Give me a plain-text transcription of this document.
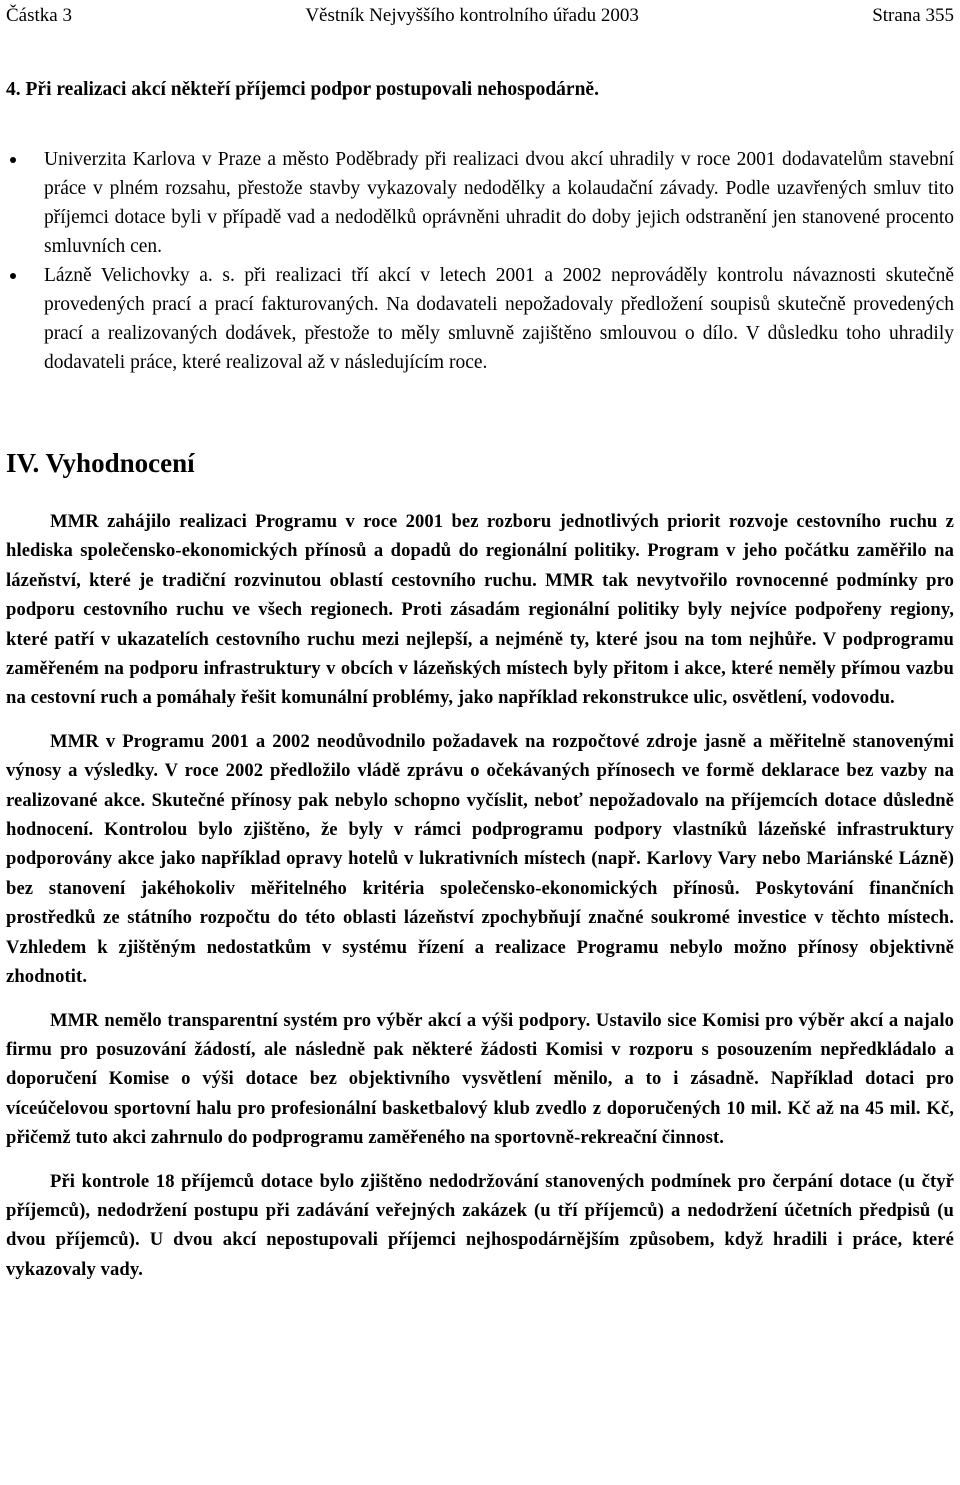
Částka 3	Věstník Nejvyššího kontrolního úřadu 2003	Strana 355
4. Při realizaci akcí někteří příjemci podpor postupovali nehospodárně.
Univerzita Karlova v Praze a město Poděbrady při realizaci dvou akcí uhradily v roce 2001 dodavatelům stavební práce v plném rozsahu, přestože stavby vykazovaly nedodělky a kolaudační závady. Podle uzavřených smluv tito příjemci dotace byli v případě vad a nedodělků oprávněni uhradit do doby jejich odstranění jen stanovené procento smluvních cen.
Lázně Velichovky a. s. při realizaci tří akcí v letech 2001 a 2002 neprováděly kontrolu návaznosti skutečně provedených prací a prací fakturovaných. Na dodavateli nepožadovaly předložení soupisů skutečně provedených prací a realizovaných dodávek, přestože to měly smluvně zajištěno smlouvou o dílo. V důsledku toho uhradily dodavateli práce, které realizoval až v následujícím roce.
IV. Vyhodnocení

MMR zahájilo realizaci Programu v roce 2001 bez rozboru jednotlivých priorit rozvoje cestovního ruchu z hlediska společensko-ekonomických přínosů a dopadů do regionální politiky. Program v jeho počátku zaměřilo na lázeňství, které je tradiční rozvinutou oblastí cestovního ruchu. MMR tak nevytvořilo rovnocenné podmínky pro podporu cestovního ruchu ve všech regionech. Proti zásadám regionální politiky byly nejvíce podpořeny regiony, které patří v ukazatelích cestovního ruchu mezi nejlepší, a nejméně ty, které jsou na tom nejhůře. V podprogramu zaměřeném na podporu infrastruktury v obcích v lázeňských místech byly přitom i akce, které neměly přímou vazbu na cestovní ruch a pomáhaly řešit komunální problémy, jako například rekonstrukce ulic, osvětlení, vodovodu.

MMR v Programu 2001 a 2002 neodůvodnilo požadavek na rozpočtové zdroje jasně a měřitelně stanovenými výnosy a výsledky. V roce 2002 předložilo vládě zprávu o očekávaných přínosech ve formě deklarace bez vazby na realizované akce. Skutečné přínosy pak nebylo schopno vyčíslit, neboť nepožadovalo na příjemcích dotace důsledně hodnocení. Kontrolou bylo zjištěno, že byly v rámci podprogramu podpory vlastníků lázeňské infrastruktury podporovány akce jako například opravy hotelů v lukrativních místech (např. Karlovy Vary nebo Mariánské Lázně) bez stanovení jakéhokoliv měřitelného kritéria společensko-ekonomických přínosů. Poskytování finančních prostředků ze státního rozpočtu do této oblasti lázeňství zpochybňují značné soukromé investice v těchto místech. Vzhledem k zjištěným nedostatkům v systému řízení a realizace Programu nebylo možno přínosy objektivně zhodnotit.

MMR nemělo transparentní systém pro výběr akcí a výši podpory. Ustavilo sice Komisi pro výběr akcí a najalo firmu pro posuzování žádostí, ale následně pak některé žádosti Komisi v rozporu s posouzením nepředkládalo a doporučení Komise o výši dotace bez objektivního vysvětlení měnilo, a to i zásadně. Například dotaci pro víceúčelovou sportovní halu pro profesionální basketbalový klub zvedlo z doporučených 10 mil. Kč až na 45 mil. Kč, přičemž tuto akci zahrnulo do podprogramu zaměřeného na sportovně-rekreační činnost.

Při kontrole 18 příjemců dotace bylo zjištěno nedodržování stanovených podmínek pro čerpání dotace (u čtyř příjemců), nedodržení postupu při zadávání veřejných zakázek (u tří příjemců) a nedodržení účetních předpisů (u dvou příjemců). U dvou akcí nepostupovali příjemci nejhospodárnějším způsobem, když hradili i práce, které vykazovaly vady.
